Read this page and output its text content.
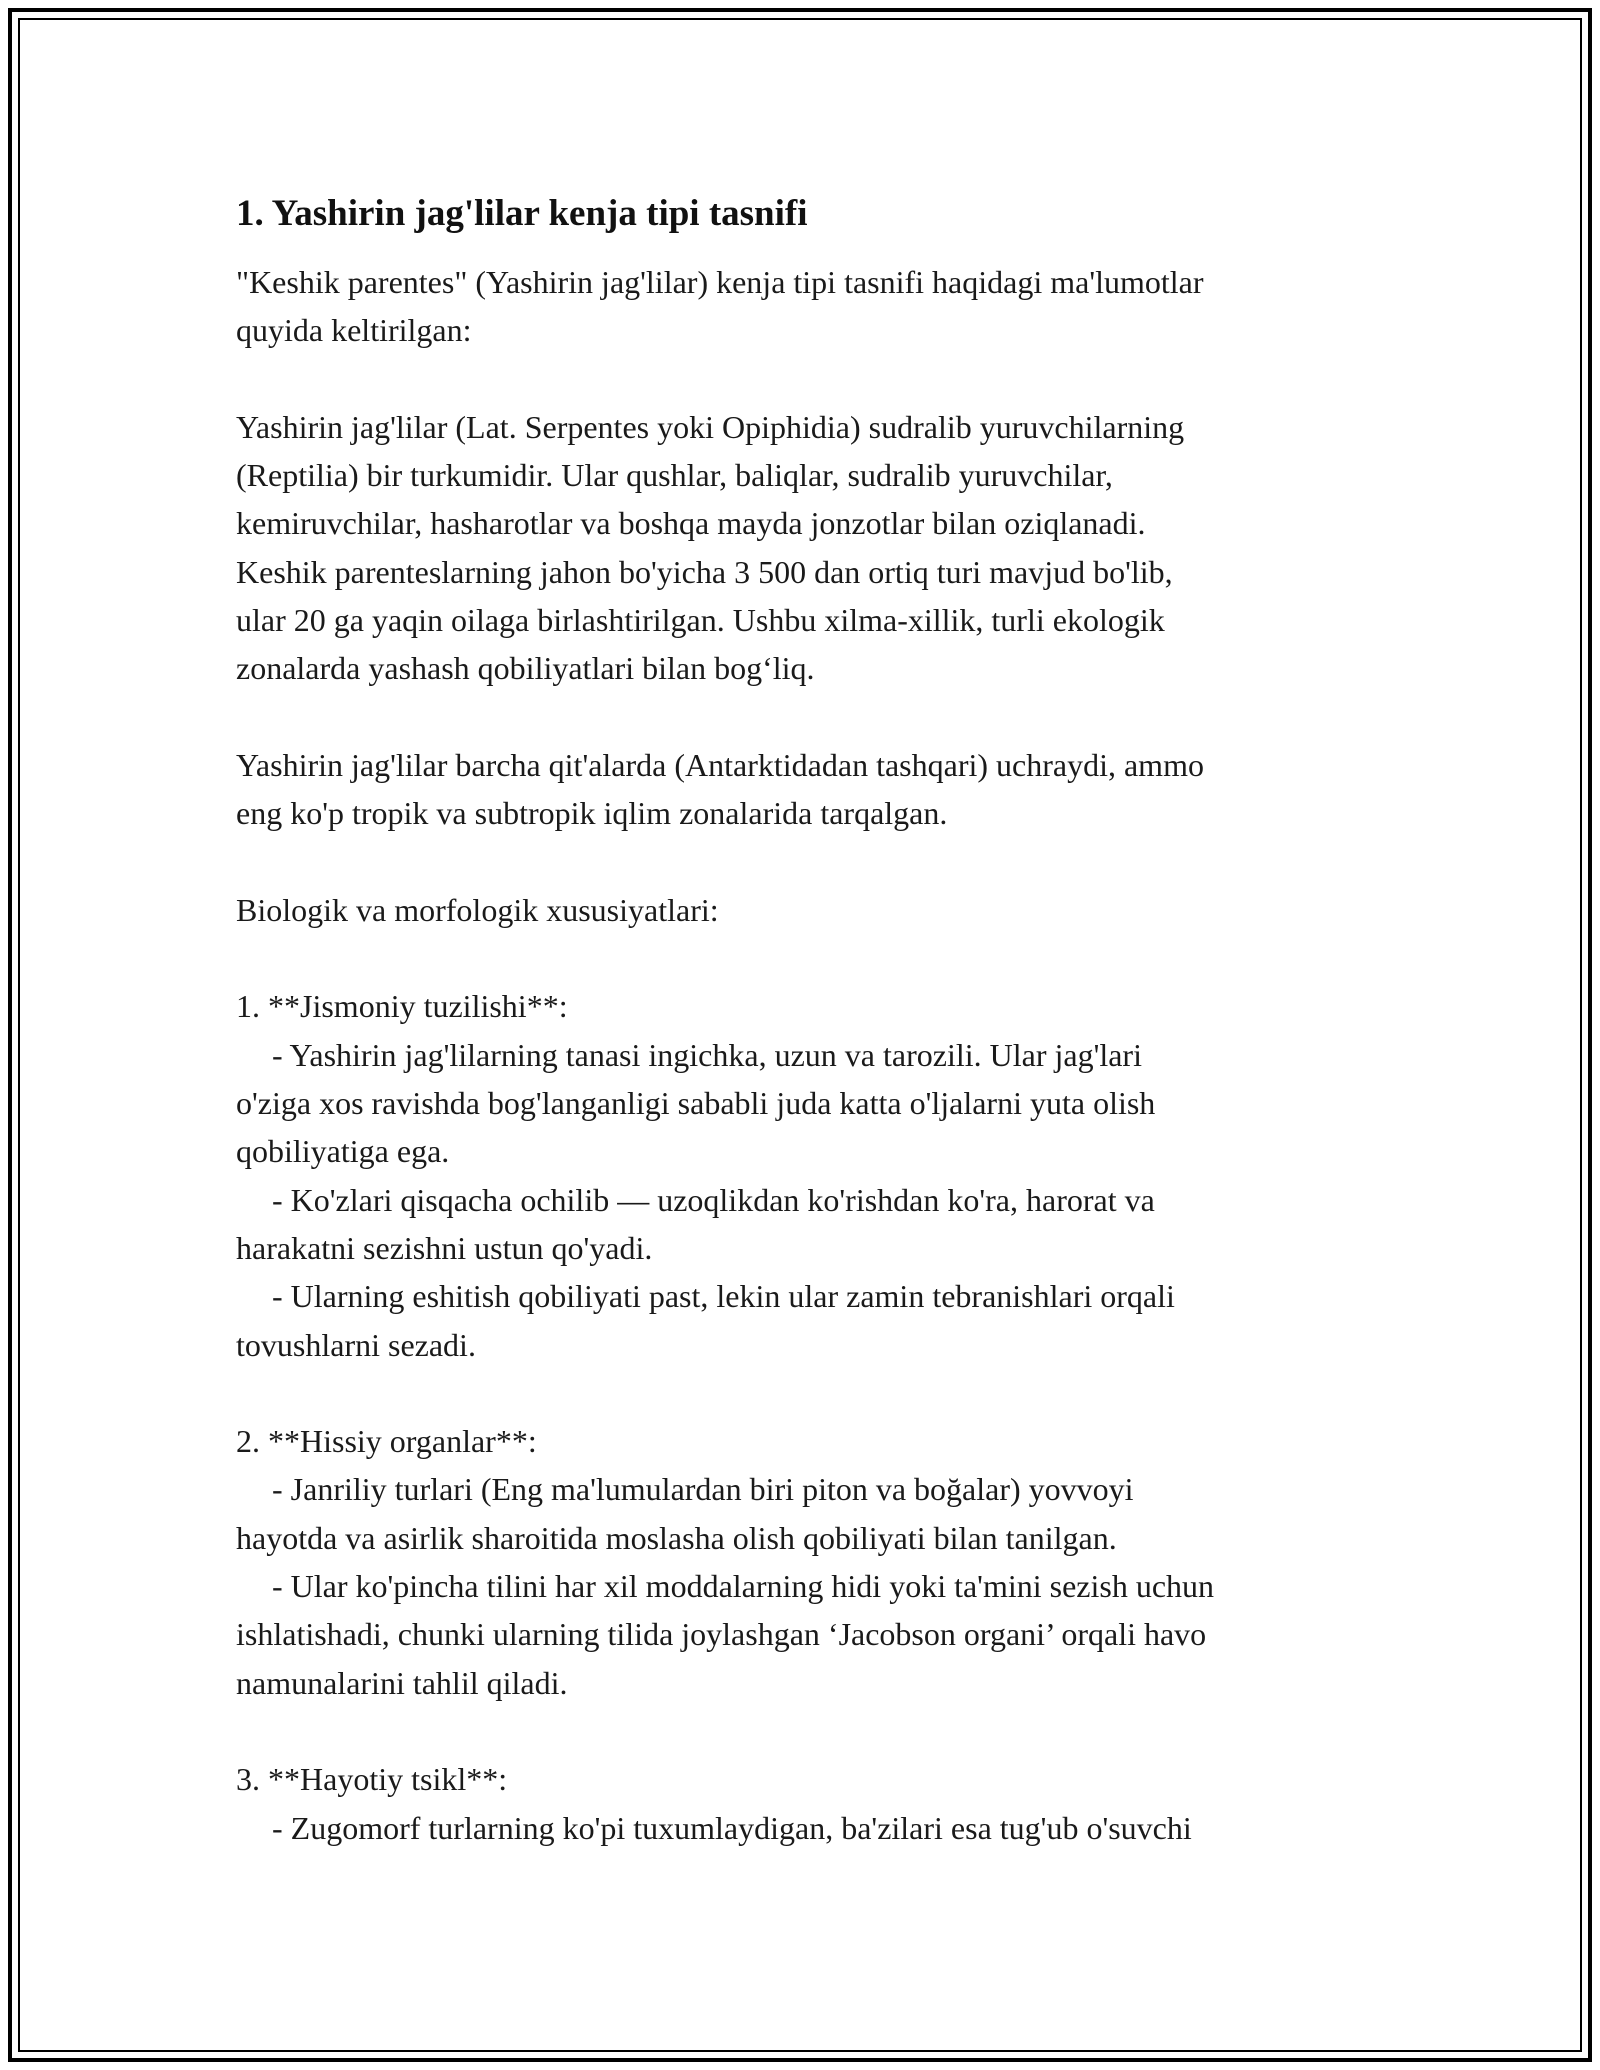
1. Yashirin jag'lilar kenja tipi tasnifi

"Keshik parentes" (Yashirin jag'lilar) kenja tipi tasnifi haqidagi ma'lumotlar
quyida keltirilgan:

Yashirin jag'lilar (Lat. Serpentes yoki Opiphidia) sudralib yuruvchilarning
(Reptilia) bir turkumidir. Ular qushlar, baliqlar, sudralib yuruvchilar,
kemiruvchilar, hasharotlar va boshqa mayda jonzotlar bilan oziqlanadi.
Keshik parenteslarning jahon bo'yicha 3 500 dan ortiq turi mavjud bo'lib,
ular 20 ga yaqin oilaga birlashtirilgan. Ushbu xilma-xillik, turli ekologik
zonalarda yashash qobiliyatlari bilan bog‘liq.

Yashirin jag'lilar barcha qit'alarda (Antarktidadan tashqari) uchraydi, ammo
eng ko'p tropik va subtropik iqlim zonalarida tarqalgan.

Biologik va morfologik xususiyatlari:

1. **Jismoniy tuzilishi**:

- Yashirin jag'lilarning tanasi ingichka, uzun va tarozili. Ular jag'lari

o'ziga xos ravishda bog'langanligi sababli juda katta o'ljalarni yuta olish

qobiliyatiga ega.

- Ko'zlari qisqacha ochilib — uzoqlikdan ko'rishdan ko'ra, harorat va

harakatni sezishni ustun qo'yadi.

- Ularning eshitish qobiliyati past, lekin ular zamin tebranishlari orqali

tovushlarni sezadi.

2. **Hissiy organlar**:

- Janriliy turlari (Eng ma'lumulardan biri piton va boğalar) yovvoyi

hayotda va asirlik sharoitida moslasha olish qobiliyati bilan tanilgan.

- Ular ko'pincha tilini har xil moddalarning hidi yoki ta'mini sezish uchun

ishlatishadi, chunki ularning tilida joylashgan ‘Jacobson organi’ orqali havo

namunalarini tahlil qiladi.

3. **Hayotiy tsikl**:

- Zugomorf turlarning ko'pi tuxumlaydigan, ba'zilari esa tug'ub o'suvchi
